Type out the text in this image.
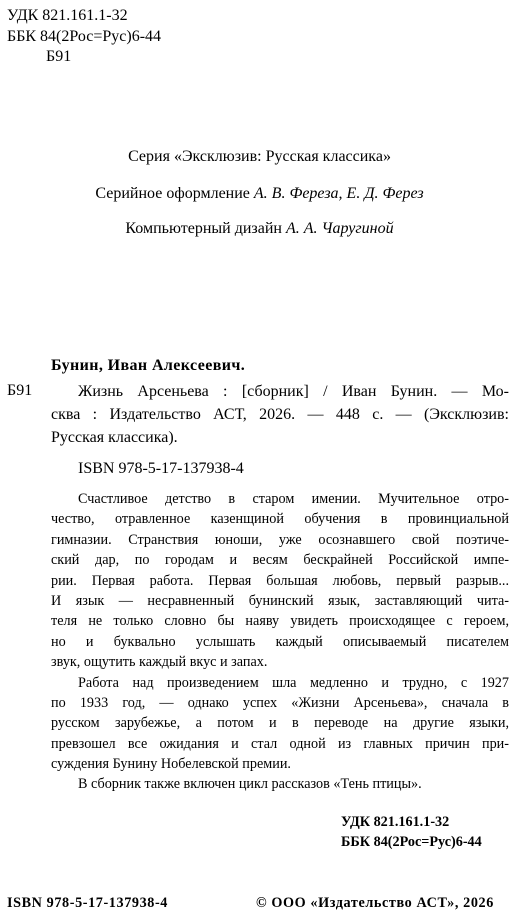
УДК 821.161.1-32
ББК 84(2Рос=Рус)6-44
Б91
Серия «Эксклюзив: Русская классика»
Серийное оформление А. В. Фереза, Е. Д. Ферез
Компьютерный дизайн А. А. Чаругиной
Бунин, Иван Алексеевич.
Б91	Жизнь Арсеньева : [сборник] / Иван Бунин. — Мо-
сква : Издательство АСТ, 2026. — 448 с. — (Эксклюзив:
Русская классика).
ISBN 978-5-17-137938-4
Счастливое детство в старом имении. Мучительное отро-
чество, отравленное казенщиной обучения в провинциальной
гимназии. Странствия юноши, уже осознавшего свой поэтиче-
ский дар, по городам и весям бескрайней Российской импе-
рии. Первая работа. Первая большая любовь, первый разрыв...
И язык — несравненный бунинский язык, заставляющий чита-
теля не только словно бы наяву увидеть происходящее с героем,
но и буквально услышать каждый описываемый писателем
звук, ощутить каждый вкус и запах.
Работа над произведением шла медленно и трудно, с 1927
по 1933 год, — однако успех «Жизни Арсеньева», сначала в
русском зарубежье, а потом и в переводе на другие языки,
превзошел все ожидания и стал одной из главных причин при-
суждения Бунину Нобелевской премии.
В сборник также включен цикл рассказов «Тень птицы».
УДК 821.161.1-32
ББК 84(2Рос=Рус)6-44
ISBN 978-5-17-137938-4	© ООО «Издательство АСТ», 2026
